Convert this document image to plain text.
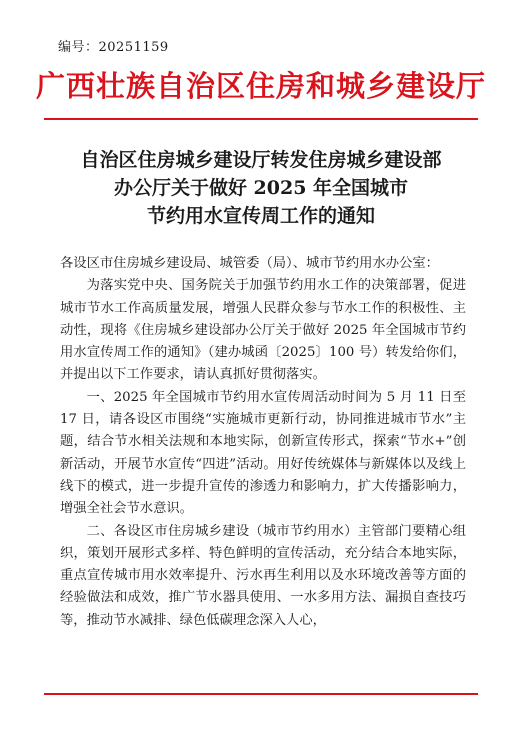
编号：20251159
广西壮族自治区住房和城乡建设厅
自治区住房城乡建设厅转发住房城乡建设部
办公厅关于做好 2025 年全国城市
节约用水宣传周工作的通知

各设区市住房城乡建设局、城管委（局）、城市节约用水办公室：

为落实党中央、国务院关于加强节约用水工作的决策部署，促进城市节水工作高质量发展，增强人民群众参与节水工作的积极性、主动性，现将《住房城乡建设部办公厅关于做好 2025 年全国城市节约用水宣传周工作的通知》（建办城函〔2025〕100 号）转发给你们，并提出以下工作要求，请认真抓好贯彻落实。

一、2025 年全国城市节约用水宣传周活动时间为 5 月 11 日至 17 日，请各设区市围绕“实施城市更新行动，协同推进城市节水”主题，结合节水相关法规和本地实际，创新宣传形式，探索“节水+”创新活动，开展节水宣传“四进”活动。用好传统媒体与新媒体以及线上线下的模式，进一步提升宣传的渗透力和影响力，扩大传播影响力，增强全社会节水意识。

二、各设区市住房城乡建设（城市节约用水）主管部门要精心组织，策划开展形式多样、特色鲜明的宣传活动，充分结合本地实际，重点宣传城市用水效率提升、污水再生利用以及水环境改善等方面的经验做法和成效，推广节水器具使用、一水多用方法、漏损自查技巧等，推动节水减排、绿色低碳理念深入人心，
